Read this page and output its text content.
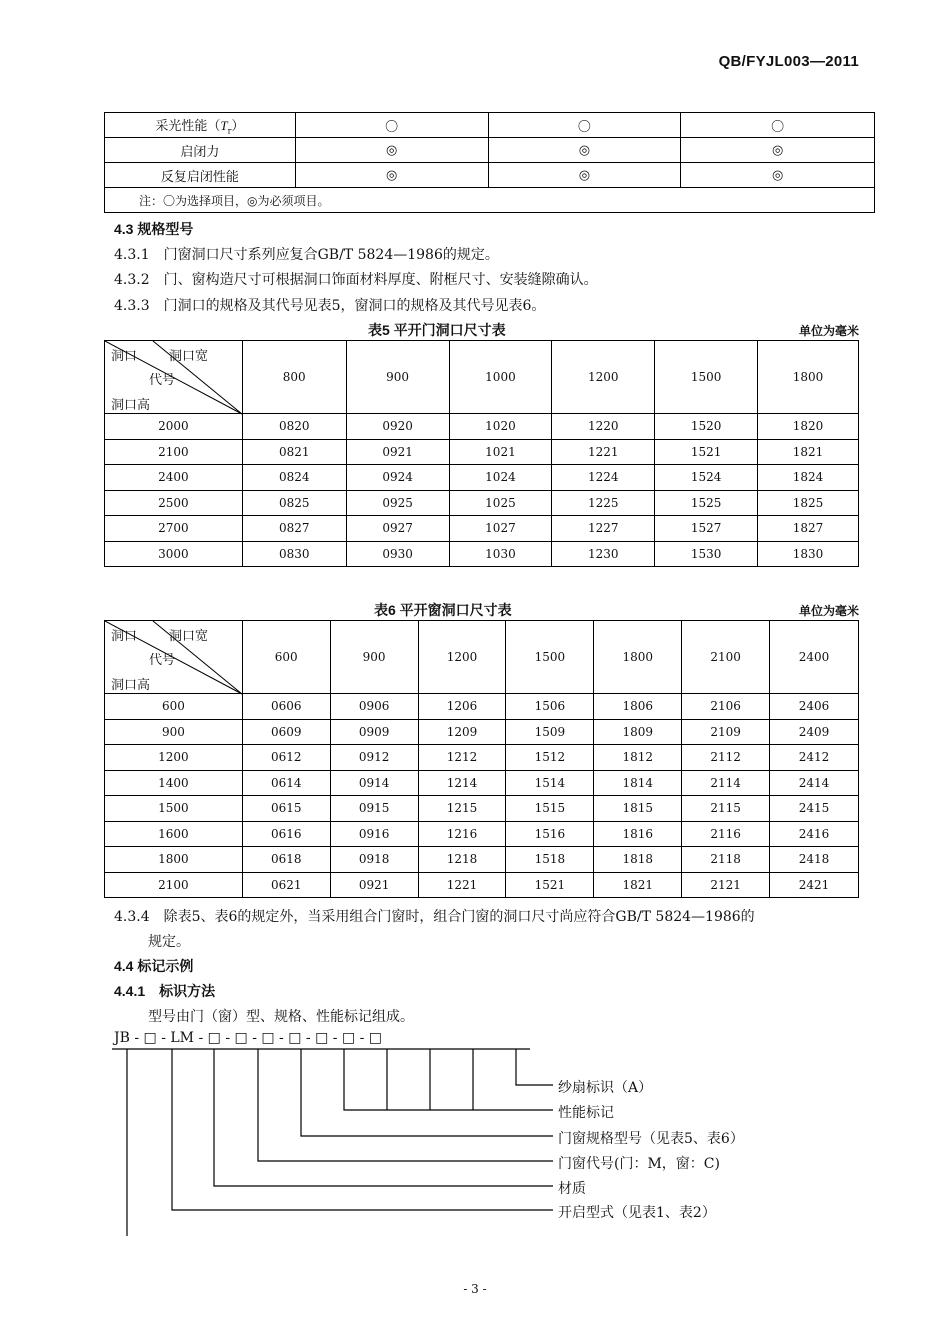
QB/FYJL003—2011
采光性能$(T_r)$	〇	〇	〇
启闭力	◎	◎	◎
反复启闭性能	◎	◎	◎
注：〇为选择项目，◎为必须项目。			
4.3 规格型号
4.3.1　门窗洞口尺寸系列应复合GB/T 5824—1986的规定。
4.3.2　门、窗构造尺寸可根据洞口饰面材料厚度、附框尺寸、安装缝隙确认。
4.3.3　门洞口的规格及其代号见表5，窗洞口的规格及其代号见表6。
表5 平开门洞口尺寸表	单位为毫米
洞口 洞口宽
代号
洞口高	800	900	1000	1200	1500	1800
2000	0820	0920	1020	1220	1520	1820
2100	0821	0921	1021	1221	1521	1821
2400	0824	0924	1024	1224	1524	1824
2500	0825	0925	1025	1225	1525	1825
2700	0827	0927	1027	1227	1527	1827
3000	0830	0930	1030	1230	1530	1830
表6 平开窗洞口尺寸表	单位为毫米
洞口 洞口宽
代号
洞口高	600	900	1200	1500	1800	2100	2400
600	0606	0906	1206	1506	1806	2106	2406
900	0609	0909	1209	1509	1809	2109	2409
1200	0612	0912	1212	1512	1812	2112	2412
1400	0614	0914	1214	1514	1814	2114	2414
1500	0615	0915	1215	1515	1815	2115	2415
1600	0616	0916	1216	1516	1816	2116	2416
1800	0618	0918	1218	1518	1818	2118	2418
2100	0621	0921	1221	1521	1821	2121	2421
4.3.4　除表5、表6的规定外，当采用组合门窗时，组合门窗的洞口尺寸尚应符合GB/T 5824—1986的
规定。
4.4 标记示例
4.4.1　标识方法
型号由门（窗）型、规格、性能标记组成。
JB - □ - LM - □ - □ - □ - □ - □ - □ - □
纱扇标识（A）
性能标记
门窗规格型号（见表5、表6）
门窗代号(门：M，窗：C)
材质
开启型式（见表1、表2）
- 3 -
